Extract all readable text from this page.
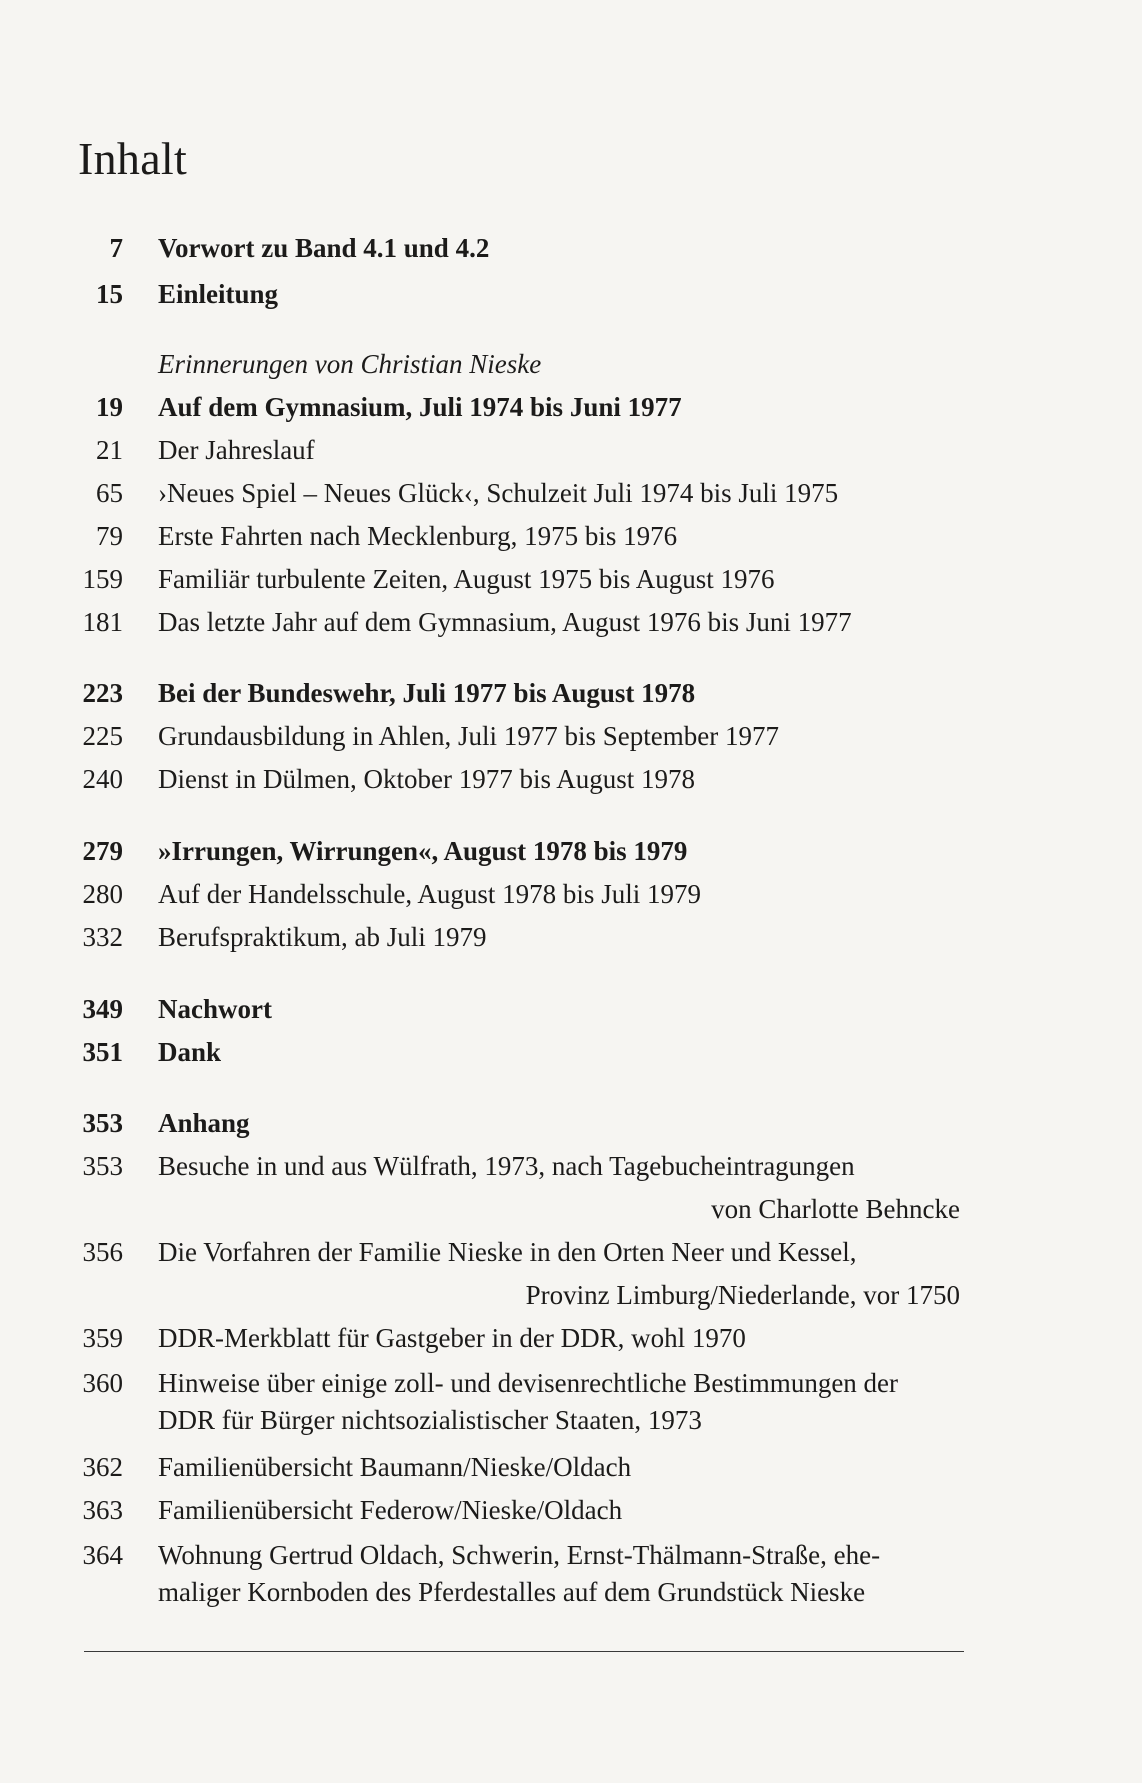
Inhalt
7 Vorwort zu Band 4.1 und 4.2
15 Einleitung
Erinnerungen von Christian Nieske
19 Auf dem Gymnasium, Juli 1974 bis Juni 1977
21 Der Jahreslauf
65 ›Neues Spiel – Neues Glück‹, Schulzeit Juli 1974 bis Juli 1975
79 Erste Fahrten nach Mecklenburg, 1975 bis 1976
159 Familiär turbulente Zeiten, August 1975 bis August 1976
181 Das letzte Jahr auf dem Gymnasium, August 1976 bis Juni 1977
223 Bei der Bundeswehr, Juli 1977 bis August 1978
225 Grundausbildung in Ahlen, Juli 1977 bis September 1977
240 Dienst in Dülmen, Oktober 1977 bis August 1978
279 »Irrungen, Wirrungen«, August 1978 bis 1979
280 Auf der Handelsschule, August 1978 bis Juli 1979
332 Berufspraktikum, ab Juli 1979
349 Nachwort
351 Dank
353 Anhang
353 Besuche in und aus Wülfrath, 1973, nach Tagebucheintragungen
von Charlotte Behncke
356 Die Vorfahren der Familie Nieske in den Orten Neer und Kessel,
Provinz Limburg/Niederlande, vor 1750
359 DDR-Merkblatt für Gastgeber in der DDR, wohl 1970
360 Hinweise über einige zoll- und devisenrechtliche Bestimmungen der
DDR für Bürger nichtsozialistischer Staaten, 1973
362 Familienübersicht Baumann/Nieske/Oldach
363 Familienübersicht Federow/Nieske/Oldach
364 Wohnung Gertrud Oldach, Schwerin, Ernst-Thälmann-Straße, ehe-
maliger Kornboden des Pferdestalles auf dem Grundstück Nieske
